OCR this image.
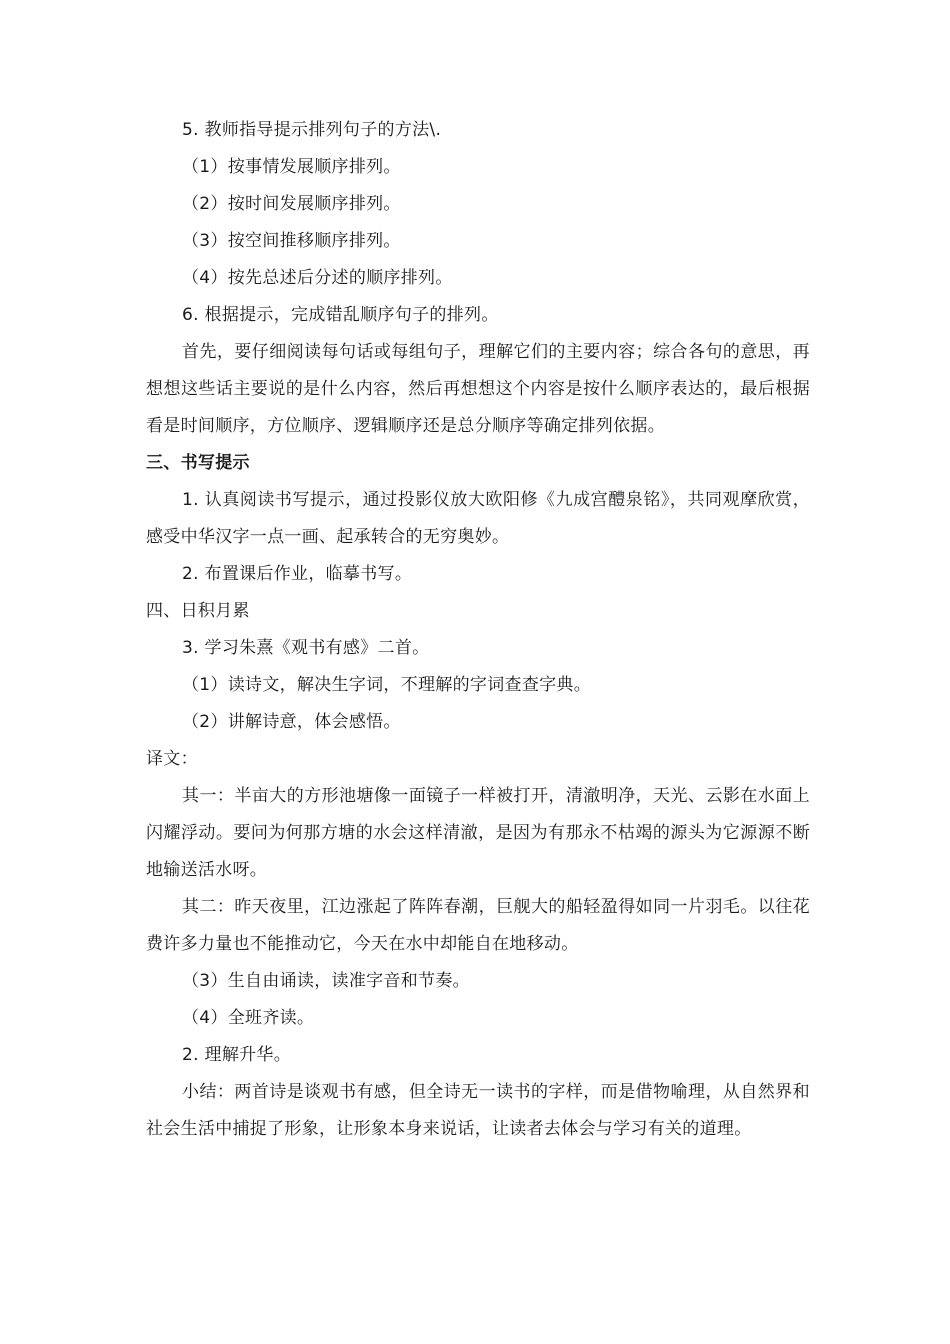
5. 教师指导提示排列句子的方法\.

（1）按事情发展顺序排列。

（2）按时间发展顺序排列。

（3）按空间推移顺序排列。

（4）按先总述后分述的顺序排列。

6. 根据提示，完成错乱顺序句子的排列。

首先，要仔细阅读每句话或每组句子，理解它们的主要内容；综合各句的意思，再想想这些话主要说的是什么内容，然后再想想这个内容是按什么顺序表达的，最后根据看是时间顺序，方位顺序、逻辑顺序还是总分顺序等确定排列依据。

三、书写提示

1. 认真阅读书写提示，通过投影仪放大欧阳修《九成宫醴泉铭》，共同观摩欣赏，感受中华汉字一点一画、起承转合的无穷奥妙。

2. 布置课后作业，临摹书写。

四、日积月累

3. 学习朱熹《观书有感》二首。

（1）读诗文，解决生字词，不理解的字词查查字典。

（2）讲解诗意，体会感悟。

译文：

其一：半亩大的方形池塘像一面镜子一样被打开，清澈明净，天光、云影在水面上闪耀浮动。要问为何那方塘的水会这样清澈，是因为有那永不枯竭的源头为它源源不断地输送活水呀。

其二：昨天夜里，江边涨起了阵阵春潮，巨舰大的船轻盈得如同一片羽毛。以往花费许多力量也不能推动它，今天在水中却能自在地移动。

（3）生自由诵读，读准字音和节奏。

（4）全班齐读。

2. 理解升华。

小结：两首诗是谈观书有感，但全诗无一读书的字样，而是借物喻理，从自然界和社会生活中捕捉了形象，让形象本身来说话，让读者去体会与学习有关的道理。
